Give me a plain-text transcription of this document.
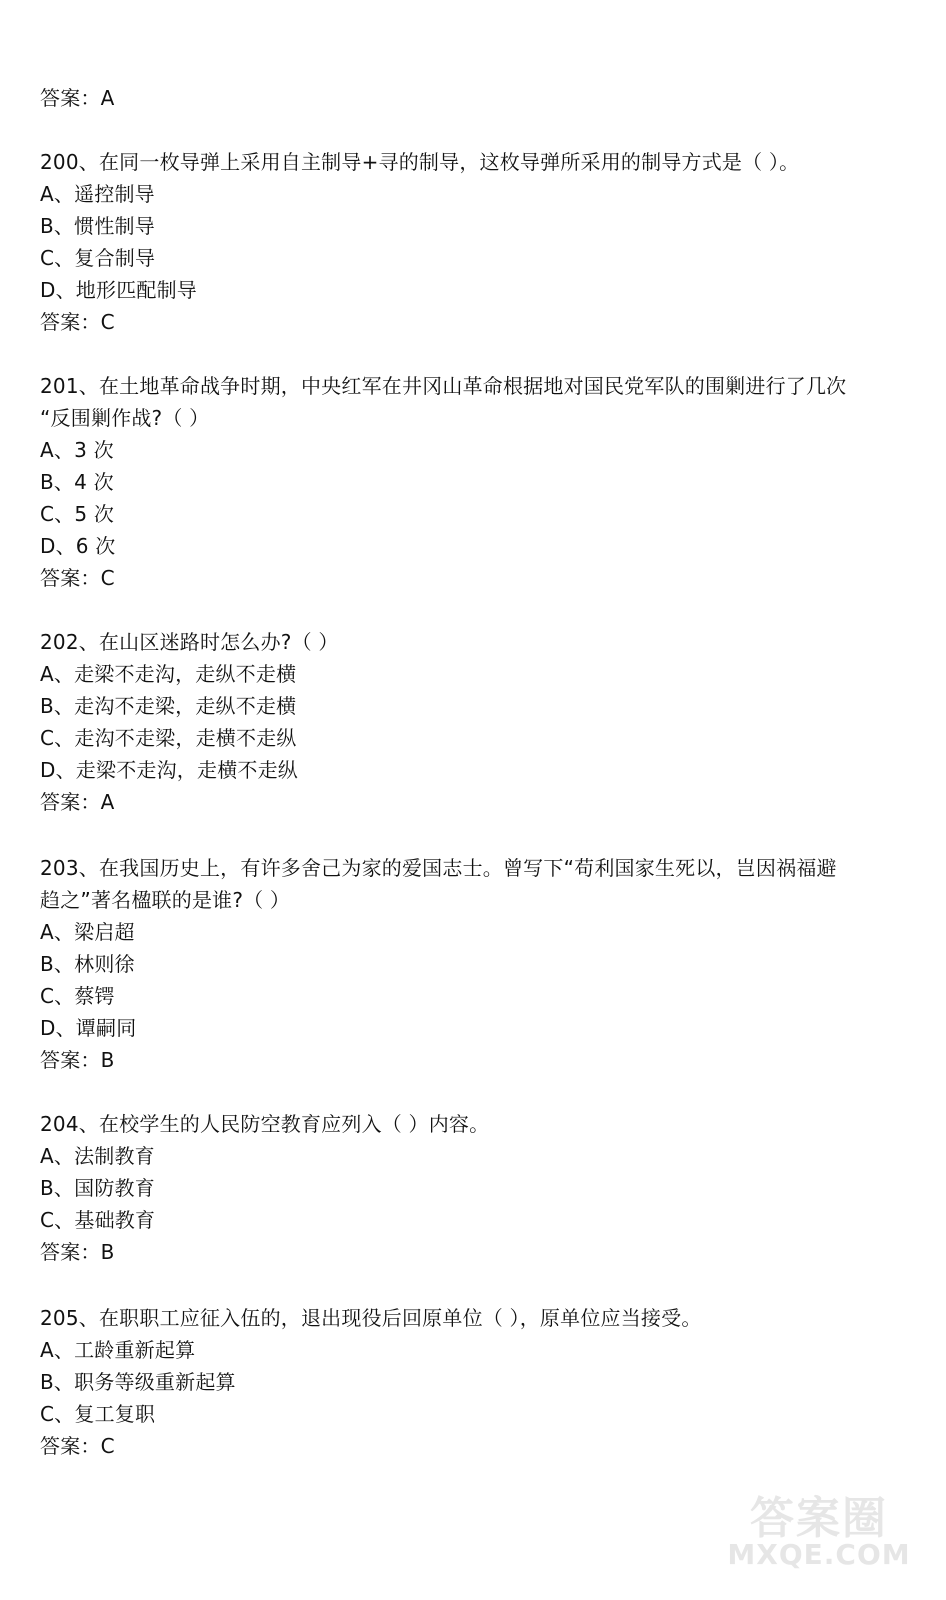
答案：A
200、在同一枚导弹上采用自主制导+寻的制导，这枚导弹所采用的制导方式是（ ）。
A、遥控制导
B、惯性制导
C、复合制导
D、地形匹配制导
答案：C
201、在土地革命战争时期，中央红军在井冈山革命根据地对国民党军队的围剿进行了几次
“反围剿作战?（ ）
A、3 次
B、4 次
C、5 次
D、6 次
答案：C
202、在山区迷路时怎么办?（ ）
A、走梁不走沟，走纵不走横
B、走沟不走梁，走纵不走横
C、走沟不走梁，走横不走纵
D、走梁不走沟，走横不走纵
答案：A
203、在我国历史上，有许多舍己为家的爱国志士。曾写下“苟利国家生死以，岂因祸福避
趋之”著名楹联的是谁?（ ）
A、梁启超
B、林则徐
C、蔡锷
D、谭嗣同
答案：B
204、在校学生的人民防空教育应列入（ ）内容。
A、法制教育
B、国防教育
C、基础教育
答案：B
205、在职职工应征入伍的，退出现役后回原单位（ ），原单位应当接受。
A、工龄重新起算
B、职务等级重新起算
C、复工复职
答案：C
答案圈
MXQE.COM
